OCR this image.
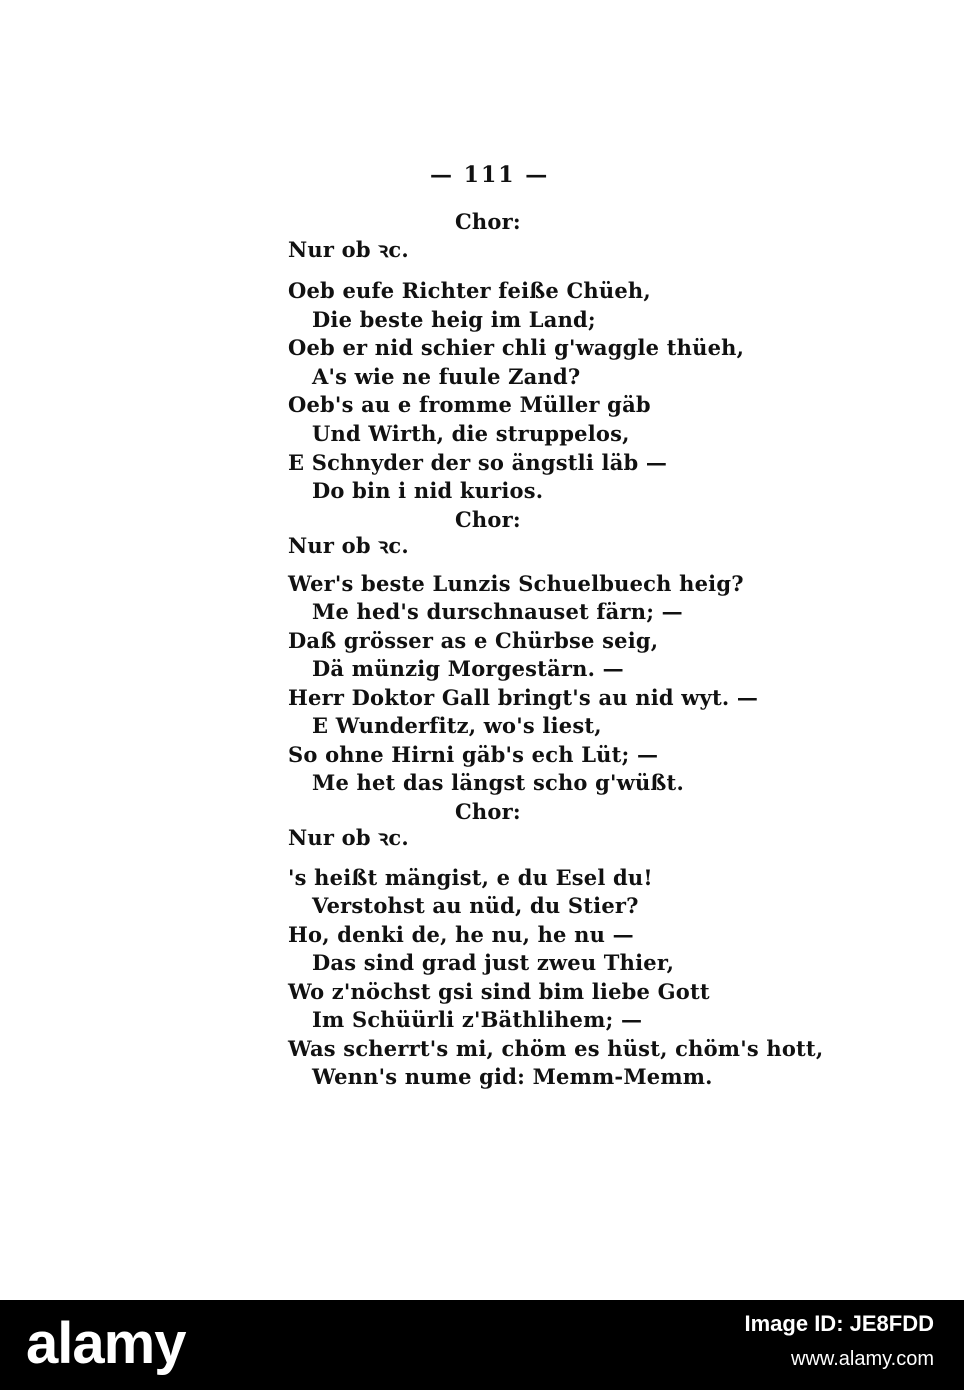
— 111 —
Chor:
Nur ob ꝛc.
Oeb eufe Richter feiße Chüeh,
Die beste heig im Land;
Oeb er nid schier chli g'waggle thüeh,
A's wie ne fuule Zand?
Oeb's au e fromme Müller gäb
Und Wirth, die struppelos,
E Schnyder der so ängstli läb —
Do bin i nid kurios.
Chor:
Nur ob ꝛc.
Wer's beste Lunzis Schuelbuech heig?
Me hed's durschnauset färn; —
Daß grösser as e Chürbse seig,
Dä münzig Morgestärn. —
Herr Doktor Gall bringt's au nid wyt. —
E Wunderfitz, wo's liest,
So ohne Hirni gäb's ech Lüt; —
Me het das längst scho g'wüßt.
Chor:
Nur ob ꝛc.
's heißt mängist, e du Esel du!
Verstohst au nüd, du Stier?
Ho, denki de, he nu, he nu —
Das sind grad just zweu Thier,
Wo z'nöchst gsi sind bim liebe Gott
Im Schüürli z'Bäthlihem; —
Was scherrt's mi, chöm es hüst, chöm's hott,
Wenn's nume gid: Memm-Memm.
alamy	Image ID: JE8FDD
www.alamy.com
